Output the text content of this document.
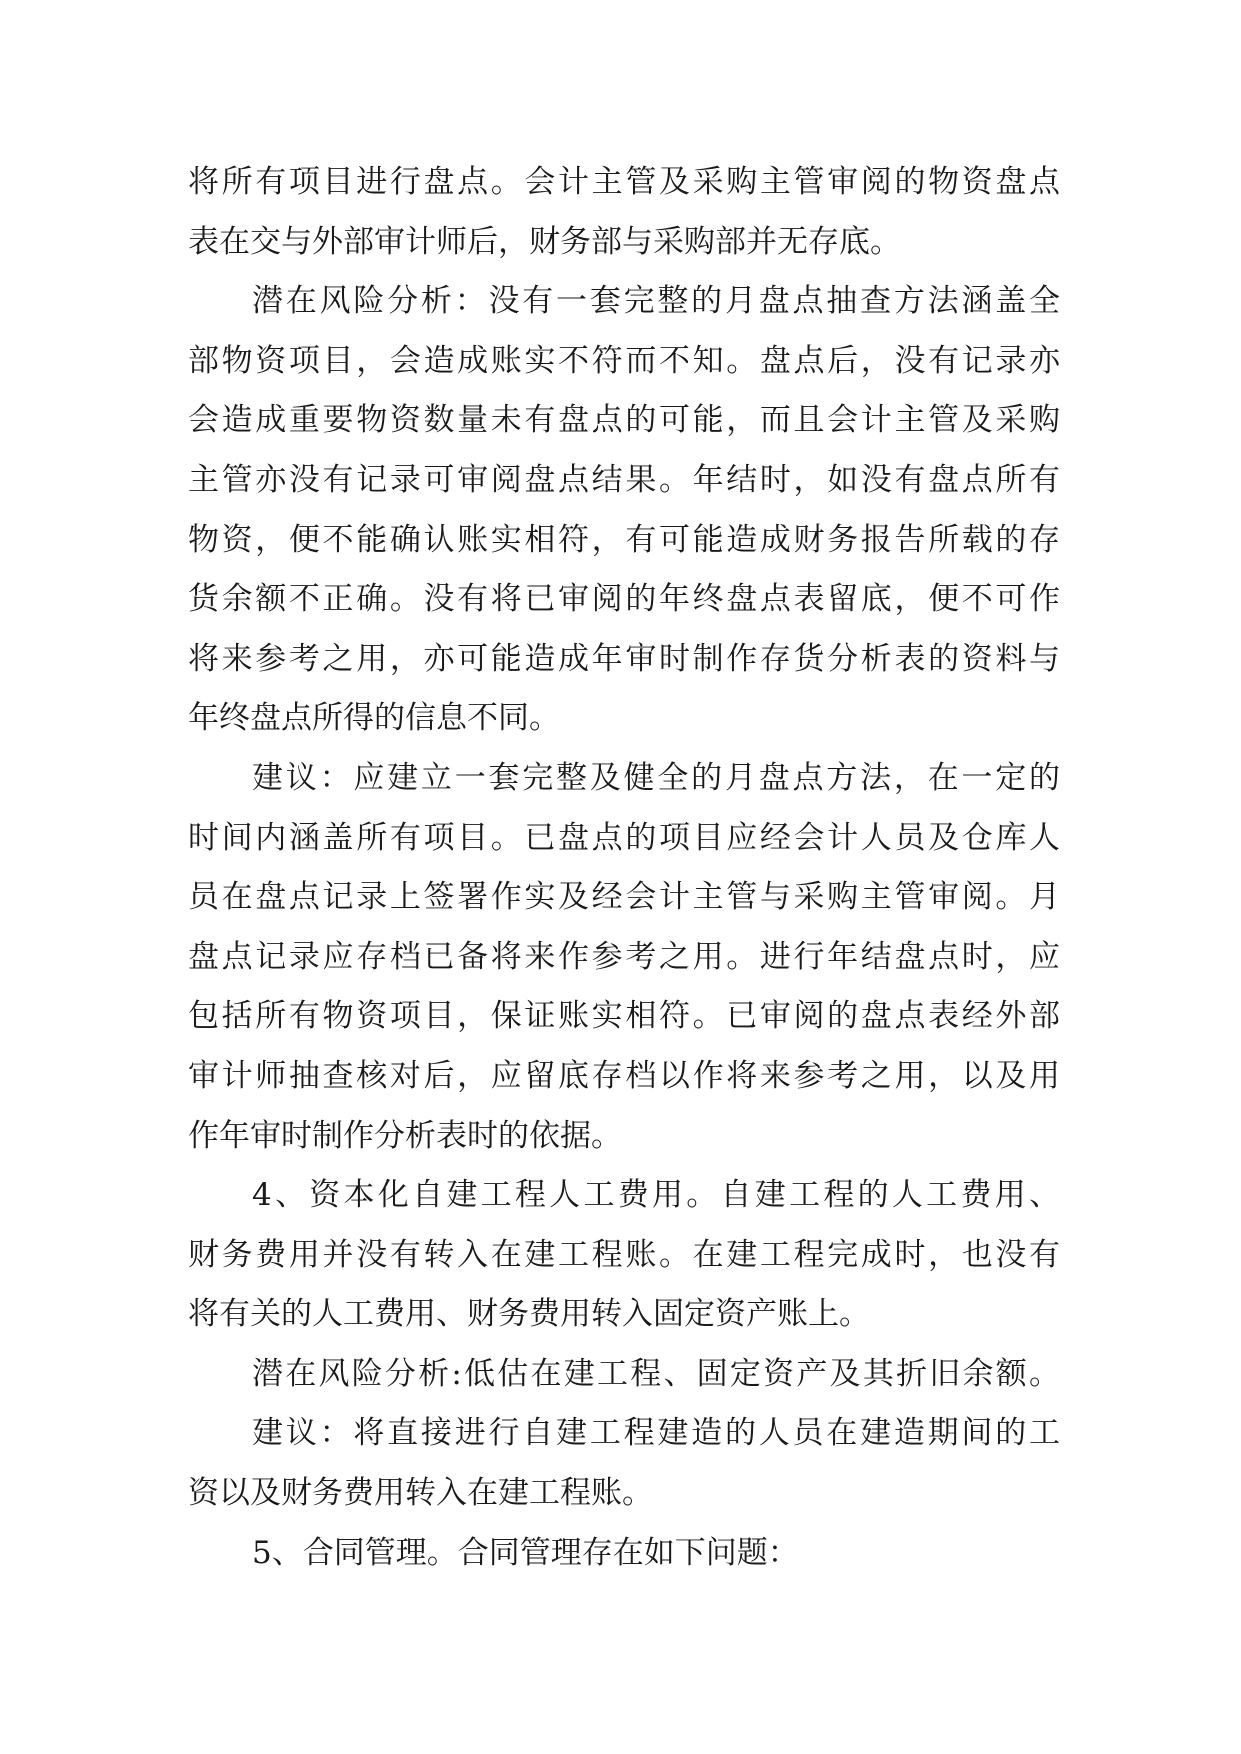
将所有项目进行盘点。会计主管及采购主管审阅的物资盘点
表在交与外部审计师后，财务部与采购部并无存底。
潜在风险分析：没有一套完整的月盘点抽查方法涵盖全
部物资项目，会造成账实不符而不知。盘点后，没有记录亦
会造成重要物资数量未有盘点的可能，而且会计主管及采购
主管亦没有记录可审阅盘点结果。年结时，如没有盘点所有
物资，便不能确认账实相符，有可能造成财务报告所载的存
货余额不正确。没有将已审阅的年终盘点表留底，便不可作
将来参考之用，亦可能造成年审时制作存货分析表的资料与
年终盘点所得的信息不同。
建议：应建立一套完整及健全的月盘点方法，在一定的
时间内涵盖所有项目。已盘点的项目应经会计人员及仓库人
员在盘点记录上签署作实及经会计主管与采购主管审阅。月
盘点记录应存档已备将来作参考之用。进行年结盘点时，应
包括所有物资项目，保证账实相符。已审阅的盘点表经外部
审计师抽查核对后，应留底存档以作将来参考之用，以及用
作年审时制作分析表时的依据。
4、资本化自建工程人工费用。自建工程的人工费用、
财务费用并没有转入在建工程账。在建工程完成时，也没有
将有关的人工费用、财务费用转入固定资产账上。
潜在风险分析:低估在建工程、固定资产及其折旧余额。
建议：将直接进行自建工程建造的人员在建造期间的工
资以及财务费用转入在建工程账。
5、合同管理。合同管理存在如下问题：
